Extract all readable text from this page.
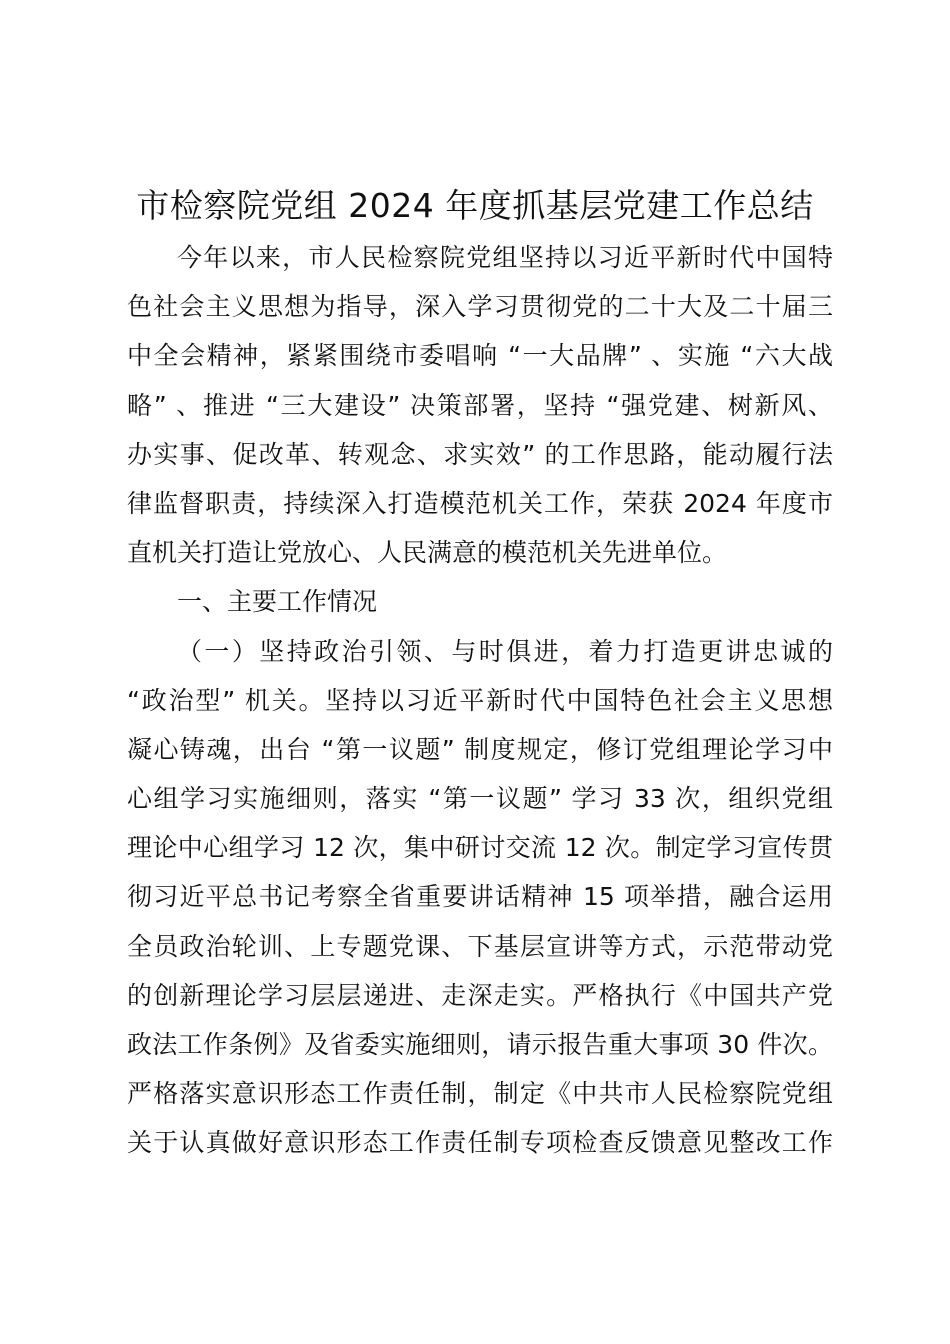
市检察院党组 2024 年度抓基层党建工作总结
今年以来，市人民检察院党组坚持以习近平新时代中国特
色社会主义思想为指导，深入学习贯彻党的二十大及二十届三
中全会精神，紧紧围绕市委唱响 “一大品牌” 、实施 “六大战
略” 、推进 “三大建设” 决策部署，坚持 “强党建、树新风、
办实事、促改革、转观念、求实效” 的工作思路，能动履行法
律监督职责，持续深入打造模范机关工作，荣获 2024 年度市
直机关打造让党放心、人民满意的模范机关先进单位。
一、主要工作情况
（一）坚持政治引领、与时俱进，着力打造更讲忠诚的
“政治型” 机关。坚持以习近平新时代中国特色社会主义思想
凝心铸魂，出台 “第一议题” 制度规定，修订党组理论学习中
心组学习实施细则，落实 “第一议题” 学习 33 次，组织党组
理论中心组学习 12 次，集中研讨交流 12 次。制定学习宣传贯
彻习近平总书记考察全省重要讲话精神 15 项举措，融合运用
全员政治轮训、上专题党课、下基层宣讲等方式，示范带动党
的创新理论学习层层递进、走深走实。严格执行《中国共产党
政法工作条例》及省委实施细则，请示报告重大事项 30 件次。
严格落实意识形态工作责任制，制定《中共市人民检察院党组
关于认真做好意识形态工作责任制专项检查反馈意见整改工作
